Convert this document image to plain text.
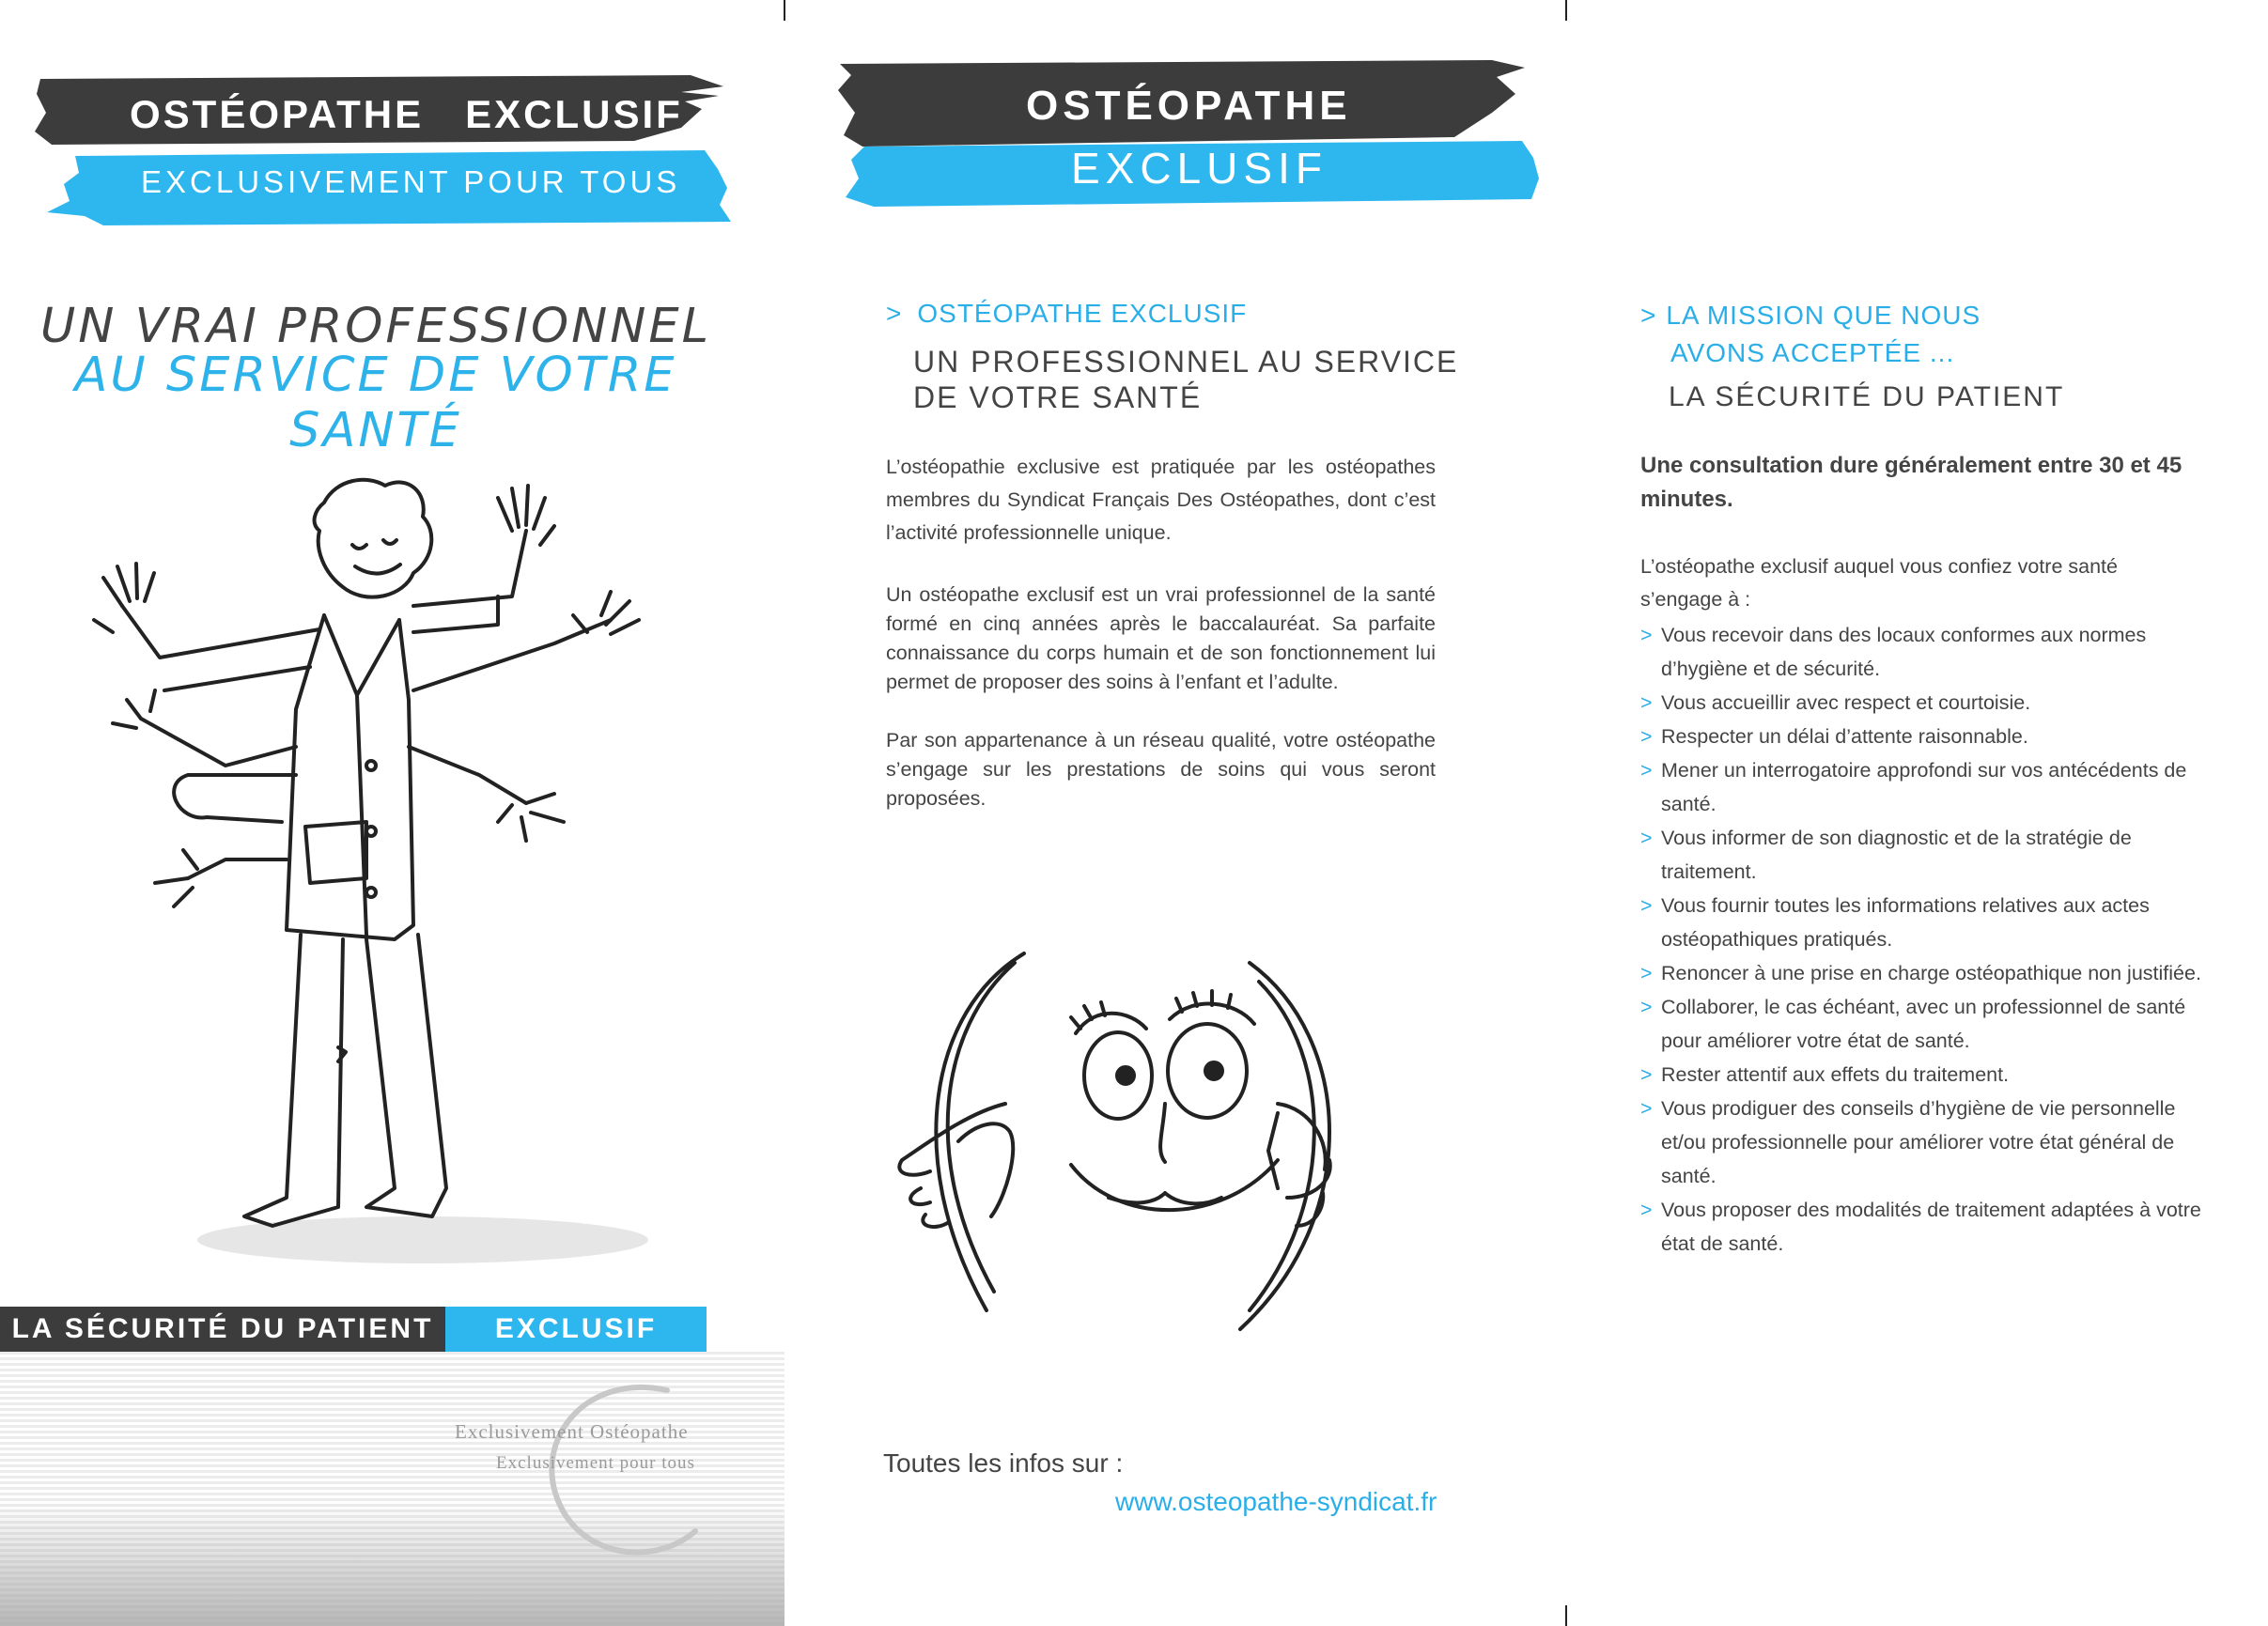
OSTÉOPATHE   EXCLUSIF
EXCLUSIVEMENT POUR TOUS
UN VRAI PROFESSIONNEL
AU SERVICE DE VOTRE SANTÉ
LA SÉCURITÉ DU PATIENT	EXCLUSIF
Exclusivement Ostéopathe
Exclusivement pour tous
OSTÉOPATHE
EXCLUSIF
> OSTÉOPATHE EXCLUSIF
UN PROFESSIONNEL AU SERVICE
DE VOTRE SANTÉ
L’ostéopathie exclusive est pratiquée par les ostéopathes membres du Syndicat Français Des Ostéopathes, dont c’est l’activité professionnelle unique.
Un ostéopathe exclusif est un vrai professionnel de la santé formé en cinq années après le baccalauréat. Sa parfaite connaissance du corps humain et de son fonctionnement lui permet de proposer des soins à l’enfant et l’adulte.
Par son appartenance à un réseau qualité, votre ostéopathe s’engage sur les prestations de soins qui vous seront proposées.
Toutes les infos sur :
www.osteopathe-syndicat.fr
> LA MISSION QUE NOUS
AVONS ACCEPTÉE ...
LA SÉCURITÉ DU PATIENT
Une consultation dure généralement entre 30 et 45 minutes.
L’ostéopathe exclusif auquel vous confiez votre santé s’engage à :
> Vous recevoir dans des locaux conformes aux normes d’hygiène et de sécurité.
> Vous accueillir avec respect et courtoisie.
> Respecter un délai d’attente raisonnable.
> Mener un interrogatoire approfondi sur vos antécédents de santé.
> Vous informer de son diagnostic et de la stratégie de traitement.
> Vous fournir toutes les informations relatives aux actes ostéopathiques pratiqués.
> Renoncer à une prise en charge ostéopathique non justifiée.
> Collaborer, le cas échéant, avec un professionnel de santé pour améliorer votre état de santé.
> Rester attentif aux effets du traitement.
> Vous prodiguer des conseils d’hygiène de vie personnelle et/ou professionnelle pour améliorer votre état général de santé.
> Vous proposer des modalités de traitement adaptées à votre état de santé.
